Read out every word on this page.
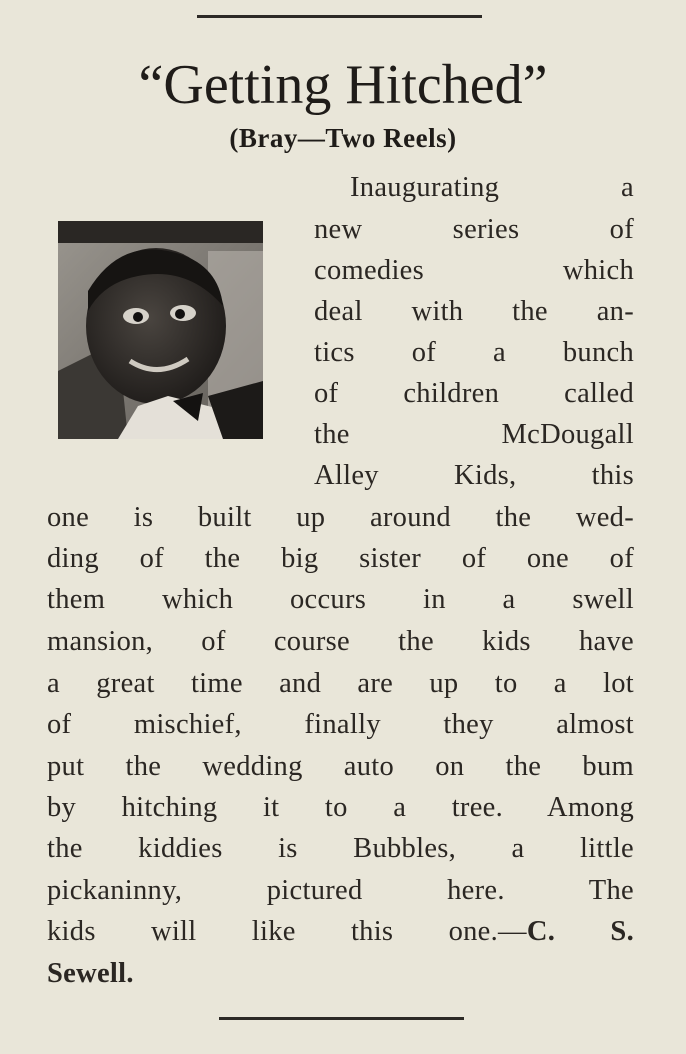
“Getting Hitched”
(Bray—Two Reels)
Inaugurating a
new series of
comedies which
deal with the an-
tics of a bunch
of children called
the McDougall
Alley Kids, this
one is built up around the wed-
ding of the big sister of one of
them which occurs in a swell
mansion, of course the kids have
a great time and are up to a lot
of mischief, finally they almost
put the wedding auto on the bum
by hitching it to a tree. Among
the kiddies is Bubbles, a little
pickaninny, pictured here. The
kids will like this one.—C. S.
Sewell.
